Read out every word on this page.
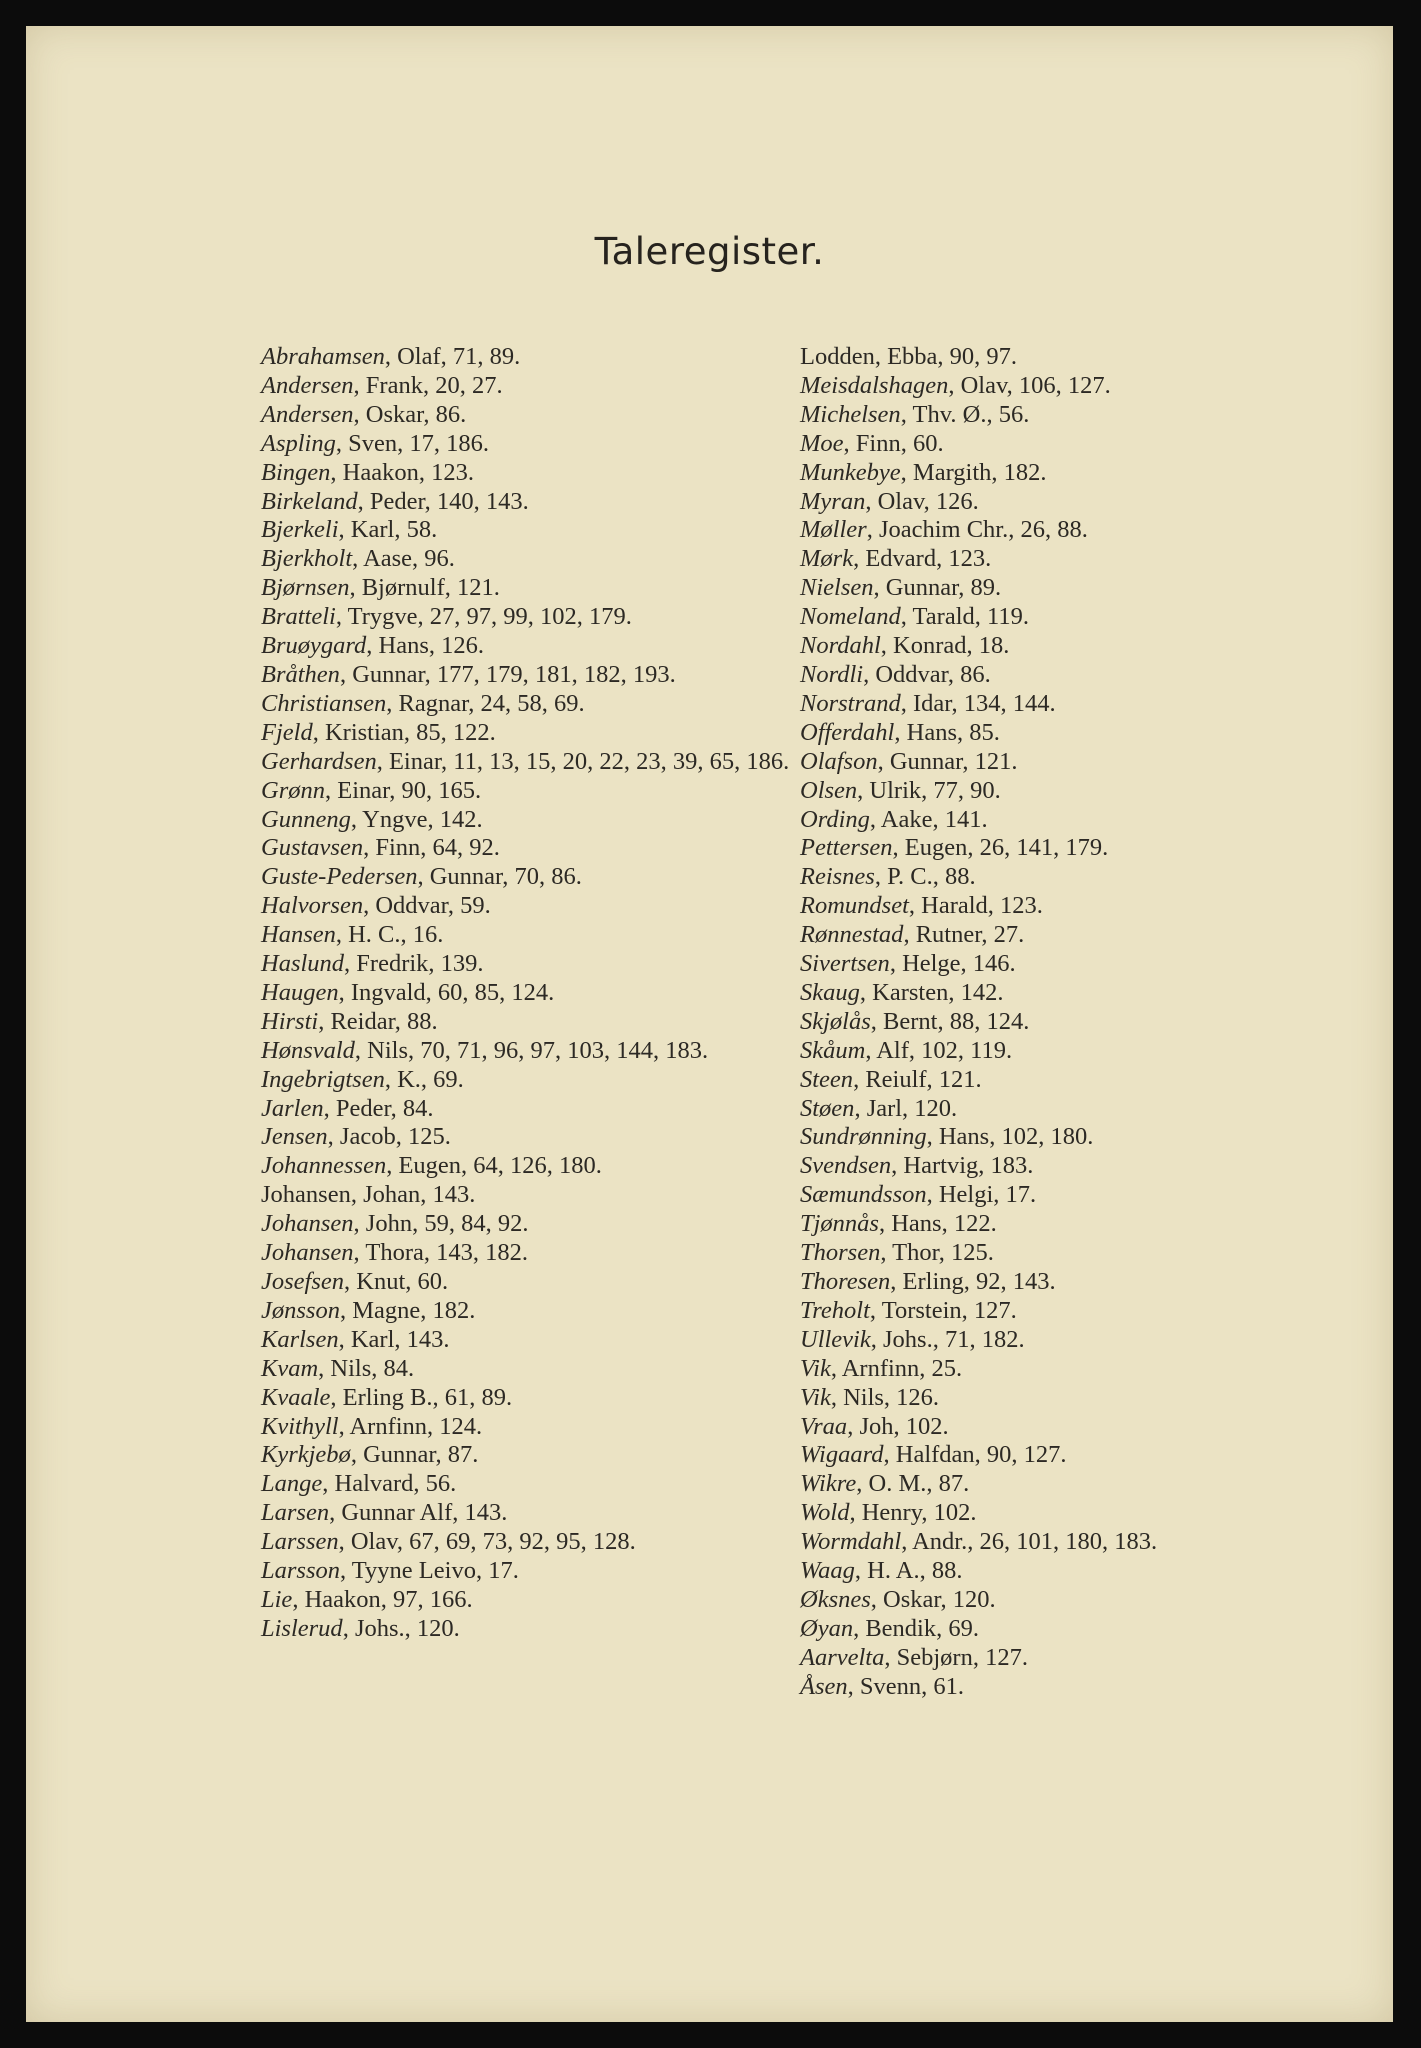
Taleregister.
Abrahamsen, Olaf, 71, 89.
Andersen, Frank, 20, 27.
Andersen, Oskar, 86.
Aspling, Sven, 17, 186.
Bingen, Haakon, 123.
Birkeland, Peder, 140, 143.
Bjerkeli, Karl, 58.
Bjerkholt, Aase, 96.
Bjørnsen, Bjørnulf, 121.
Bratteli, Trygve, 27, 97, 99, 102, 179.
Bruøygard, Hans, 126.
Bråthen, Gunnar, 177, 179, 181, 182, 193.
Christiansen, Ragnar, 24, 58, 69.
Fjeld, Kristian, 85, 122.
Gerhardsen, Einar, 11, 13, 15, 20, 22, 23, 39, 65, 186.
Grønn, Einar, 90, 165.
Gunneng, Yngve, 142.
Gustavsen, Finn, 64, 92.
Guste-Pedersen, Gunnar, 70, 86.
Halvorsen, Oddvar, 59.
Hansen, H. C., 16.
Haslund, Fredrik, 139.
Haugen, Ingvald, 60, 85, 124.
Hirsti, Reidar, 88.
Hønsvald, Nils, 70, 71, 96, 97, 103, 144, 183.
Ingebrigtsen, K., 69.
Jarlen, Peder, 84.
Jensen, Jacob, 125.
Johannessen, Eugen, 64, 126, 180.
Johansen, Johan, 143.
Johansen, John, 59, 84, 92.
Johansen, Thora, 143, 182.
Josefsen, Knut, 60.
Jønsson, Magne, 182.
Karlsen, Karl, 143.
Kvam, Nils, 84.
Kvaale, Erling B., 61, 89.
Kvithyll, Arnfinn, 124.
Kyrkjebø, Gunnar, 87.
Lange, Halvard, 56.
Larsen, Gunnar Alf, 143.
Larssen, Olav, 67, 69, 73, 92, 95, 128.
Larsson, Tyyne Leivo, 17.
Lie, Haakon, 97, 166.
Lislerud, Johs., 120.
Lodden, Ebba, 90, 97.
Meisdalshagen, Olav, 106, 127.
Michelsen, Thv. Ø., 56.
Moe, Finn, 60.
Munkebye, Margith, 182.
Myran, Olav, 126.
Møller, Joachim Chr., 26, 88.
Mørk, Edvard, 123.
Nielsen, Gunnar, 89.
Nomeland, Tarald, 119.
Nordahl, Konrad, 18.
Nordli, Oddvar, 86.
Norstrand, Idar, 134, 144.
Offerdahl, Hans, 85.
Olafson, Gunnar, 121.
Olsen, Ulrik, 77, 90.
Ording, Aake, 141.
Pettersen, Eugen, 26, 141, 179.
Reisnes, P. C., 88.
Romundset, Harald, 123.
Rønnestad, Rutner, 27.
Sivertsen, Helge, 146.
Skaug, Karsten, 142.
Skjølås, Bernt, 88, 124.
Skåum, Alf, 102, 119.
Steen, Reiulf, 121.
Støen, Jarl, 120.
Sundrønning, Hans, 102, 180.
Svendsen, Hartvig, 183.
Sæmundsson, Helgi, 17.
Tjønnås, Hans, 122.
Thorsen, Thor, 125.
Thoresen, Erling, 92, 143.
Treholt, Torstein, 127.
Ullevik, Johs., 71, 182.
Vik, Arnfinn, 25.
Vik, Nils, 126.
Vraa, Joh, 102.
Wigaard, Halfdan, 90, 127.
Wikre, O. M., 87.
Wold, Henry, 102.
Wormdahl, Andr., 26, 101, 180, 183.
Waag, H. A., 88.
Øksnes, Oskar, 120.
Øyan, Bendik, 69.
Aarvelta, Sebjørn, 127.
Åsen, Svenn, 61.
